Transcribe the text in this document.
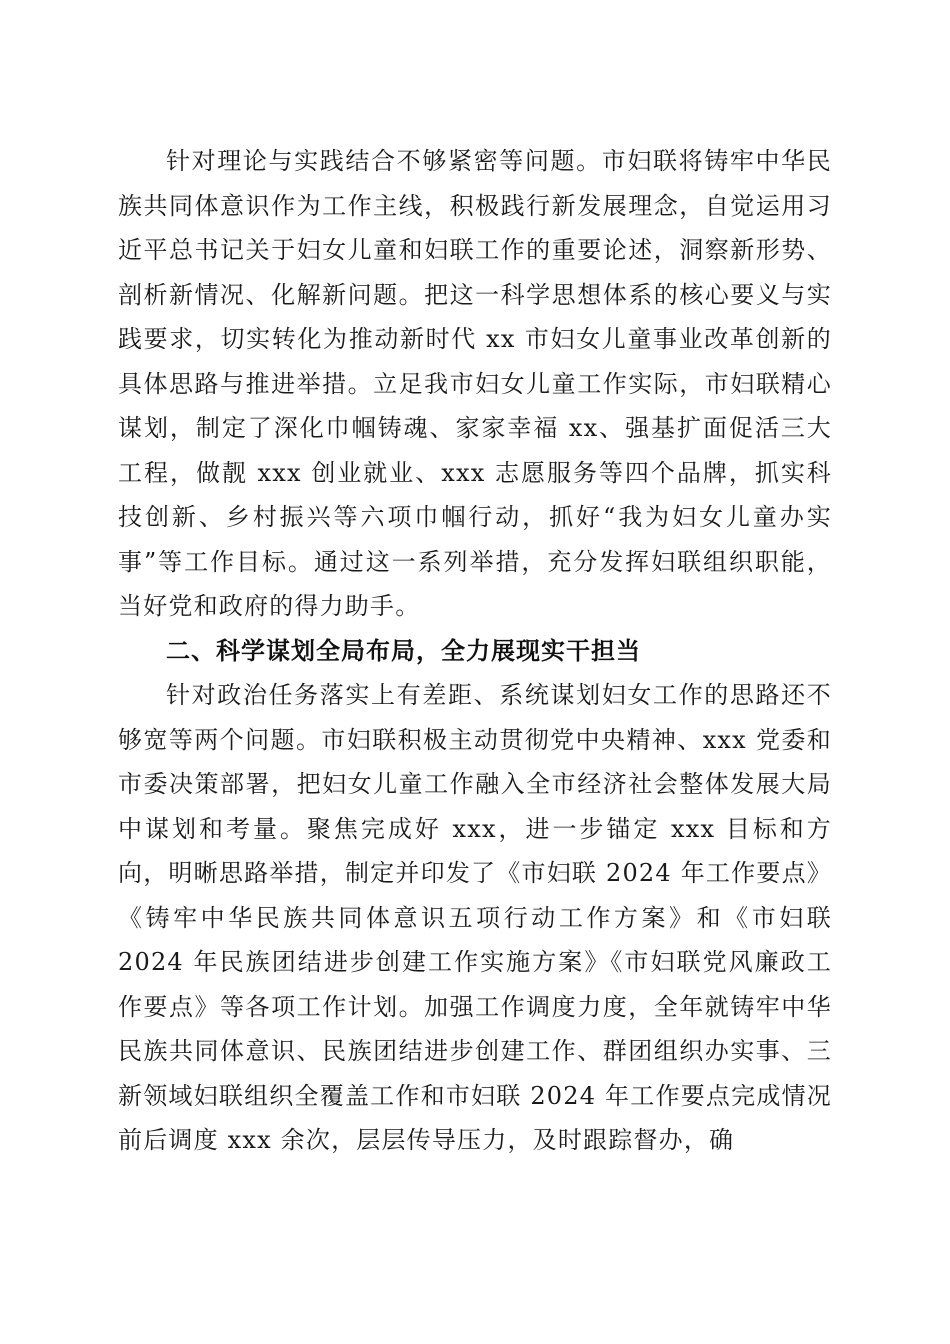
针对理论与实践结合不够紧密等问题。市妇联将铸牢中华民族共同体意识作为工作主线，积极践行新发展理念，自觉运用习近平总书记关于妇女儿童和妇联工作的重要论述，洞察新形势、剖析新情况、化解新问题。把这一科学思想体系的核心要义与实践要求，切实转化为推动新时代 xx 市妇女儿童事业改革创新的具体思路与推进举措。立足我市妇女儿童工作实际，市妇联精心谋划，制定了深化巾帼铸魂、家家幸福 xx、强基扩面促活三大工程，做靓 xxx 创业就业、xxx 志愿服务等四个品牌，抓实科技创新、乡村振兴等六项巾帼行动，抓好“我为妇女儿童办实事”等工作目标。通过这一系列举措，充分发挥妇联组织职能，当好党和政府的得力助手。

二、科学谋划全局布局，全力展现实干担当

针对政治任务落实上有差距、系统谋划妇女工作的思路还不够宽等两个问题。市妇联积极主动贯彻党中央精神、xxx 党委和市委决策部署，把妇女儿童工作融入全市经济社会整体发展大局中谋划和考量。聚焦完成好 xxx，进一步锚定 xxx 目标和方向，明晰思路举措，制定并印发了《市妇联 2024 年工作要点》《铸牢中华民族共同体意识五项行动工作方案》和《市妇联 2024 年民族团结进步创建工作实施方案》《市妇联党风廉政工作要点》等各项工作计划。加强工作调度力度，全年就铸牢中华民族共同体意识、民族团结进步创建工作、群团组织办实事、三新领域妇联组织全覆盖工作和市妇联 2024 年工作要点完成情况前后调度 xxx 余次，层层传导压力，及时跟踪督办，确
